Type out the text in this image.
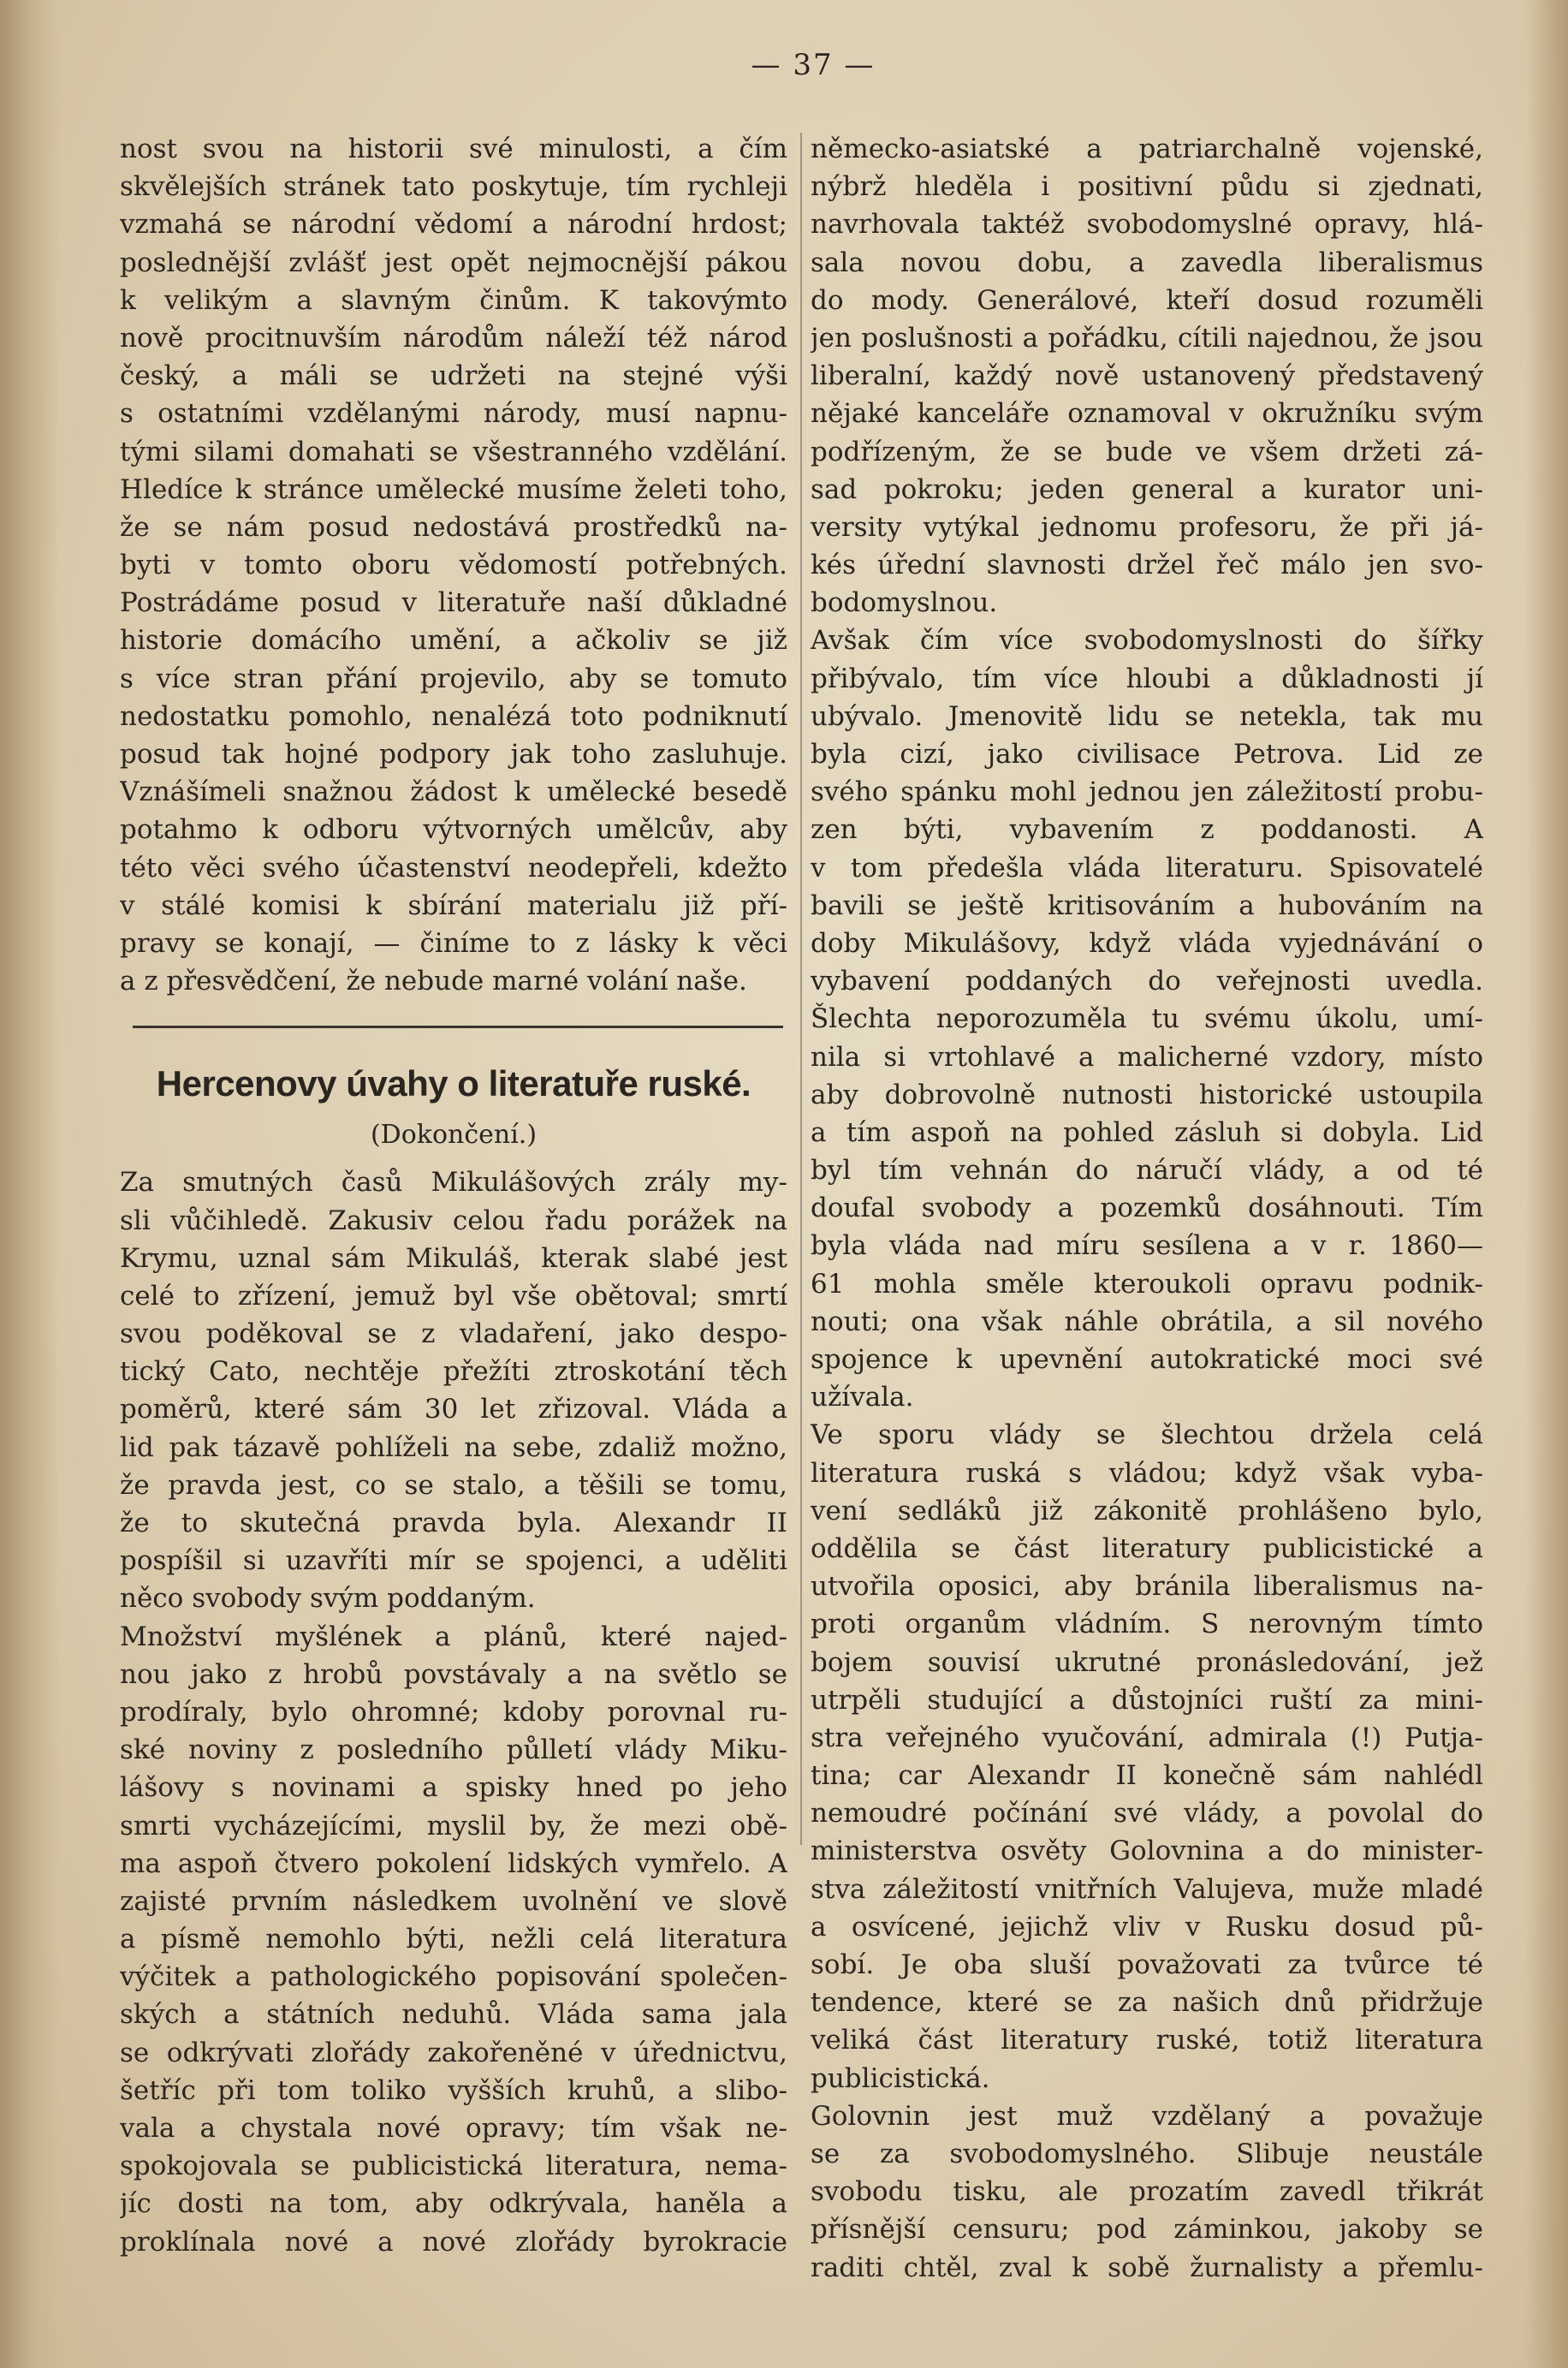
— 37 —
nost svou na historii své minulosti, a čím
skvělejších stránek tato poskytuje, tím rychleji
vzmahá se národní vědomí a národní hrdost;
poslednější zvlášť jest opět nejmocnější pákou
k velikým a slavným činům. K takovýmto
nově procitnuvším národům náleží též národ
český, a máli se udržeti na stejné výši
s ostatními vzdělanými národy, musí napnu-
tými silami domahati se všestranného vzdělání.
Hledíce k stránce umělecké musíme želeti toho,
že se nám posud nedostává prostředků na-
byti v tomto oboru vědomostí potřebných.
Postrádáme posud v literatuře naší důkladné
historie domácího umění, a ačkoliv se již
s více stran přání projevilo, aby se tomuto
nedostatku pomohlo, nenalézá toto podniknutí
posud tak hojné podpory jak toho zasluhuje.
Vznášímeli snažnou žádost k umělecké besedě
potahmo k odboru výtvorných umělcův, aby
této věci svého účastenství neodepřeli, kdežto
v stálé komisi k sbírání materialu již pří-
pravy se konají, — činíme to z lásky k věci
a z přesvědčení, že nebude marné volání naše.
Hercenovy úvahy o literatuře ruské.
(Dokončení.)
Za smutných časů Mikulášových zrály my-
sli vůčihledě. Zakusiv celou řadu porážek na
Krymu, uznal sám Mikuláš, kterak slabé jest
celé to zřízení, jemuž byl vše obětoval; smrtí
svou poděkoval se z vladaření, jako despo-
tický Cato, nechtěje přežíti ztroskotání těch
poměrů, které sám 30 let zřizoval. Vláda a
lid pak tázavě pohlíželi na sebe, zdaliž možno,
že pravda jest, co se stalo, a těšili se tomu,
že to skutečná pravda byla. Alexandr II
pospíšil si uzavříti mír se spojenci, a uděliti
něco svobody svým poddaným.
Množství myšlének a plánů, které najed-
nou jako z hrobů povstávaly a na světlo se
prodíraly, bylo ohromné; kdoby porovnal ru-
ské noviny z posledního půlletí vlády Miku-
lášovy s novinami a spisky hned po jeho
smrti vycházejícími, myslil by, že mezi obě-
ma aspoň čtvero pokolení lidských vymřelo. A
zajisté prvním následkem uvolnění ve slově
a písmě nemohlo býti, nežli celá literatura
výčitek a pathologického popisování společen-
ských a státních neduhů. Vláda sama jala
se odkrývati zlořády zakořeněné v úřednictvu,
šetříc při tom toliko vyšších kruhů, a slibo-
vala a chystala nové opravy; tím však ne-
spokojovala se publicistická literatura, nema-
jíc dosti na tom, aby odkrývala, haněla a
proklínala nové a nové zlořády byrokracie
německo-asiatské a patriarchalně vojenské,
nýbrž hleděla i positivní půdu si zjednati,
navrhovala taktéž svobodomyslné opravy, hlá-
sala novou dobu, a zavedla liberalismus
do mody. Generálové, kteří dosud rozuměli
jen poslušnosti a pořádku, cítili najednou, že jsou
liberalní, každý nově ustanovený představený
nějaké kanceláře oznamoval v okružníku svým
podřízeným, že se bude ve všem držeti zá-
sad pokroku; jeden general a kurator uni-
versity vytýkal jednomu profesoru, že při já-
kés úřední slavnosti držel řeč málo jen svo-
bodomyslnou.
Avšak čím více svobodomyslnosti do šířky
přibývalo, tím více hloubi a důkladnosti jí
ubývalo. Jmenovitě lidu se netekla, tak mu
byla cizí, jako civilisace Petrova. Lid ze
svého spánku mohl jednou jen záležitostí probu-
zen býti, vybavením z poddanosti. A
v tom předešla vláda literaturu. Spisovatelé
bavili se ještě kritisováním a hubováním na
doby Mikulášovy, když vláda vyjednávání o
vybavení poddaných do veřejnosti uvedla.
Šlechta neporozuměla tu svému úkolu, umí-
nila si vrtohlavé a malicherné vzdory, místo
aby dobrovolně nutnosti historické ustoupila
a tím aspoň na pohled zásluh si dobyla. Lid
byl tím vehnán do náručí vlády, a od té
doufal svobody a pozemků dosáhnouti. Tím
byla vláda nad míru sesílena a v r. 1860—
61 mohla směle kteroukoli opravu podnik-
nouti; ona však náhle obrátila, a sil nového
spojence k upevnění autokratické moci své
užívala.
Ve sporu vlády se šlechtou držela celá
literatura ruská s vládou; když však vyba-
vení sedláků již zákonitě prohlášeno bylo,
oddělila se část literatury publicistické a
utvořila oposici, aby bránila liberalismus na-
proti organům vládním. S nerovným tímto
bojem souvisí ukrutné pronásledování, jež
utrpěli studující a důstojníci ruští za mini-
stra veřejného vyučování, admirala (!) Putja-
tina; car Alexandr II konečně sám nahlédl
nemoudré počínání své vlády, a povolal do
ministerstva osvěty Golovnina a do minister-
stva záležitostí vnitřních Valujeva, muže mladé
a osvícené, jejichž vliv v Rusku dosud pů-
sobí. Je oba sluší považovati za tvůrce té
tendence, které se za našich dnů přidržuje
veliká část literatury ruské, totiž literatura
publicistická.
Golovnin jest muž vzdělaný a považuje
se za svobodomyslného. Slibuje neustále
svobodu tisku, ale prozatím zavedl třikrát
přísnější censuru; pod záminkou, jakoby se
raditi chtěl, zval k sobě žurnalisty a přemlu-
